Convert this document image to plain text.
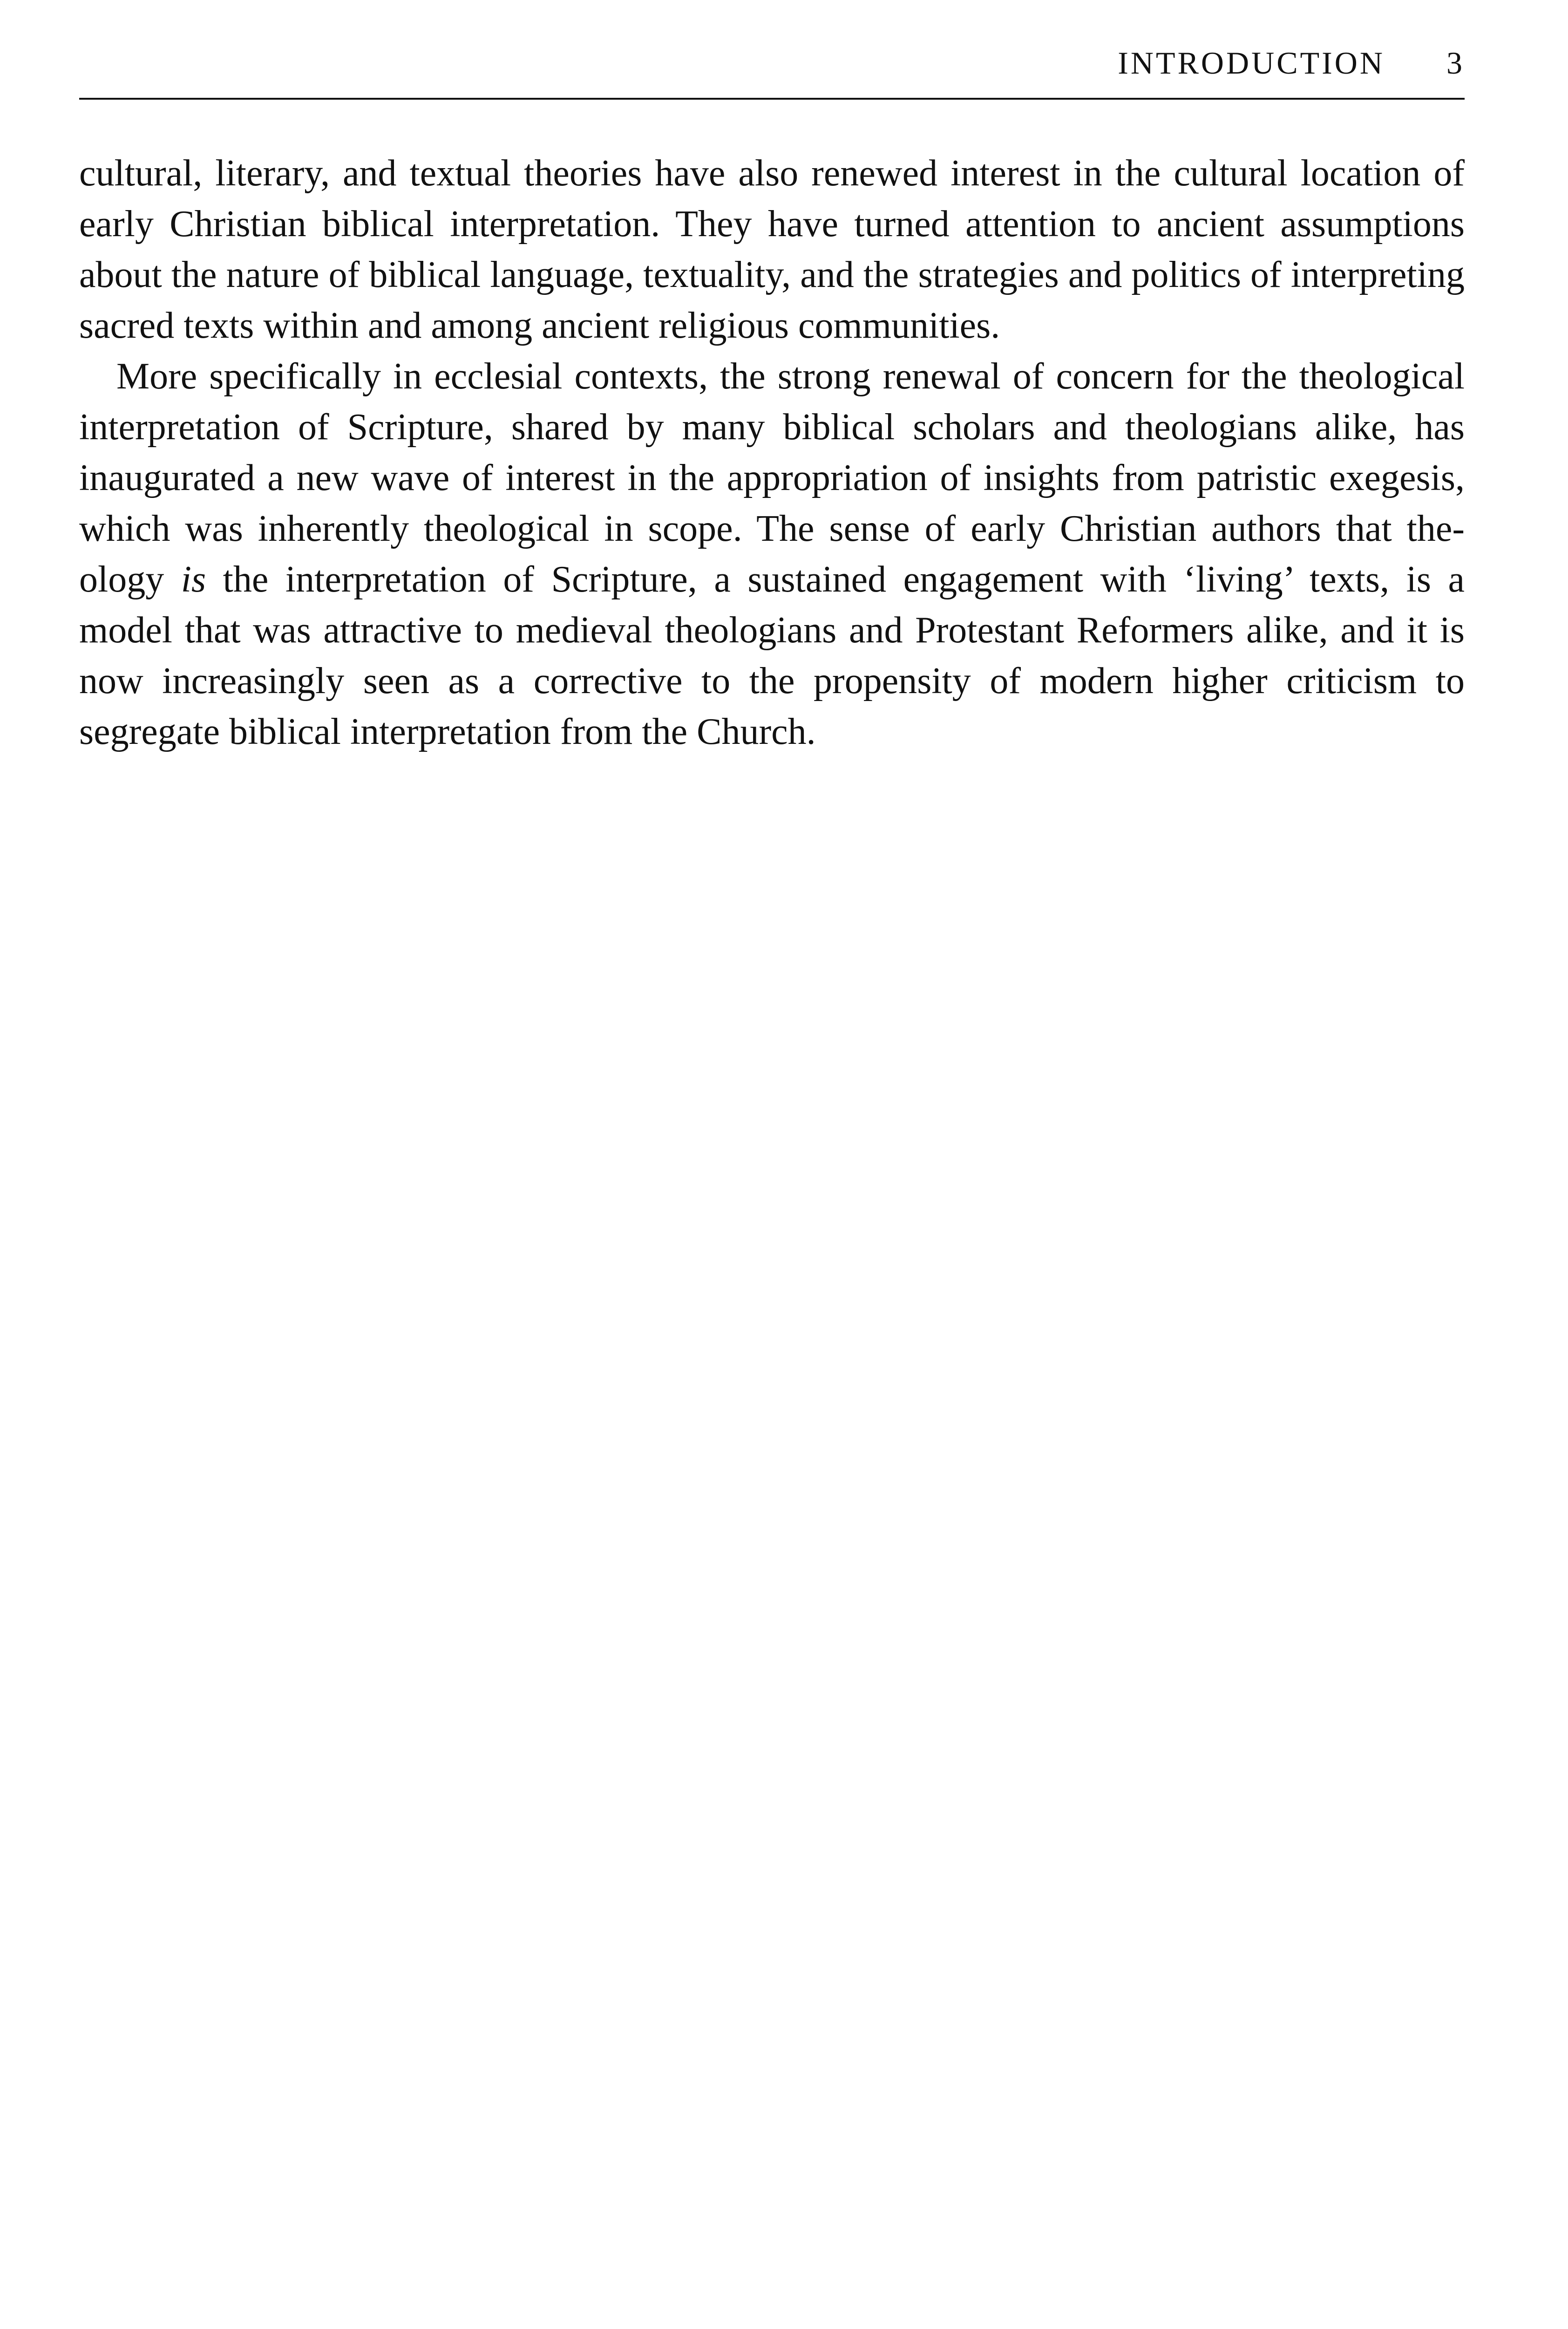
INTRODUCTION 3

cultural, literary, and textual theories have also renewed interest in the cultural location of early Christian biblical interpretation. They have turned attention to ancient assumptions about the nature of biblical language, textuality, and the strategies and politics of interpreting sacred texts within and among ancient religious communities.

More specifically in ecclesial contexts, the strong renewal of concern for the theological interpretation of Scripture, shared by many biblical scholars and theologians alike, has inaugurated a new wave of interest in the appropriation of insights from patristic exegesis, which was inherently theological in scope. The sense of early Christian authors that theology is the interpretation of Scripture, a sustained engagement with ‘living’ texts, is a model that was attractive to medieval theologians and Protestant Reformers alike, and it is now increasingly seen as a corrective to the propensity of modern higher criticism to segregate biblical interpretation from the Church.
